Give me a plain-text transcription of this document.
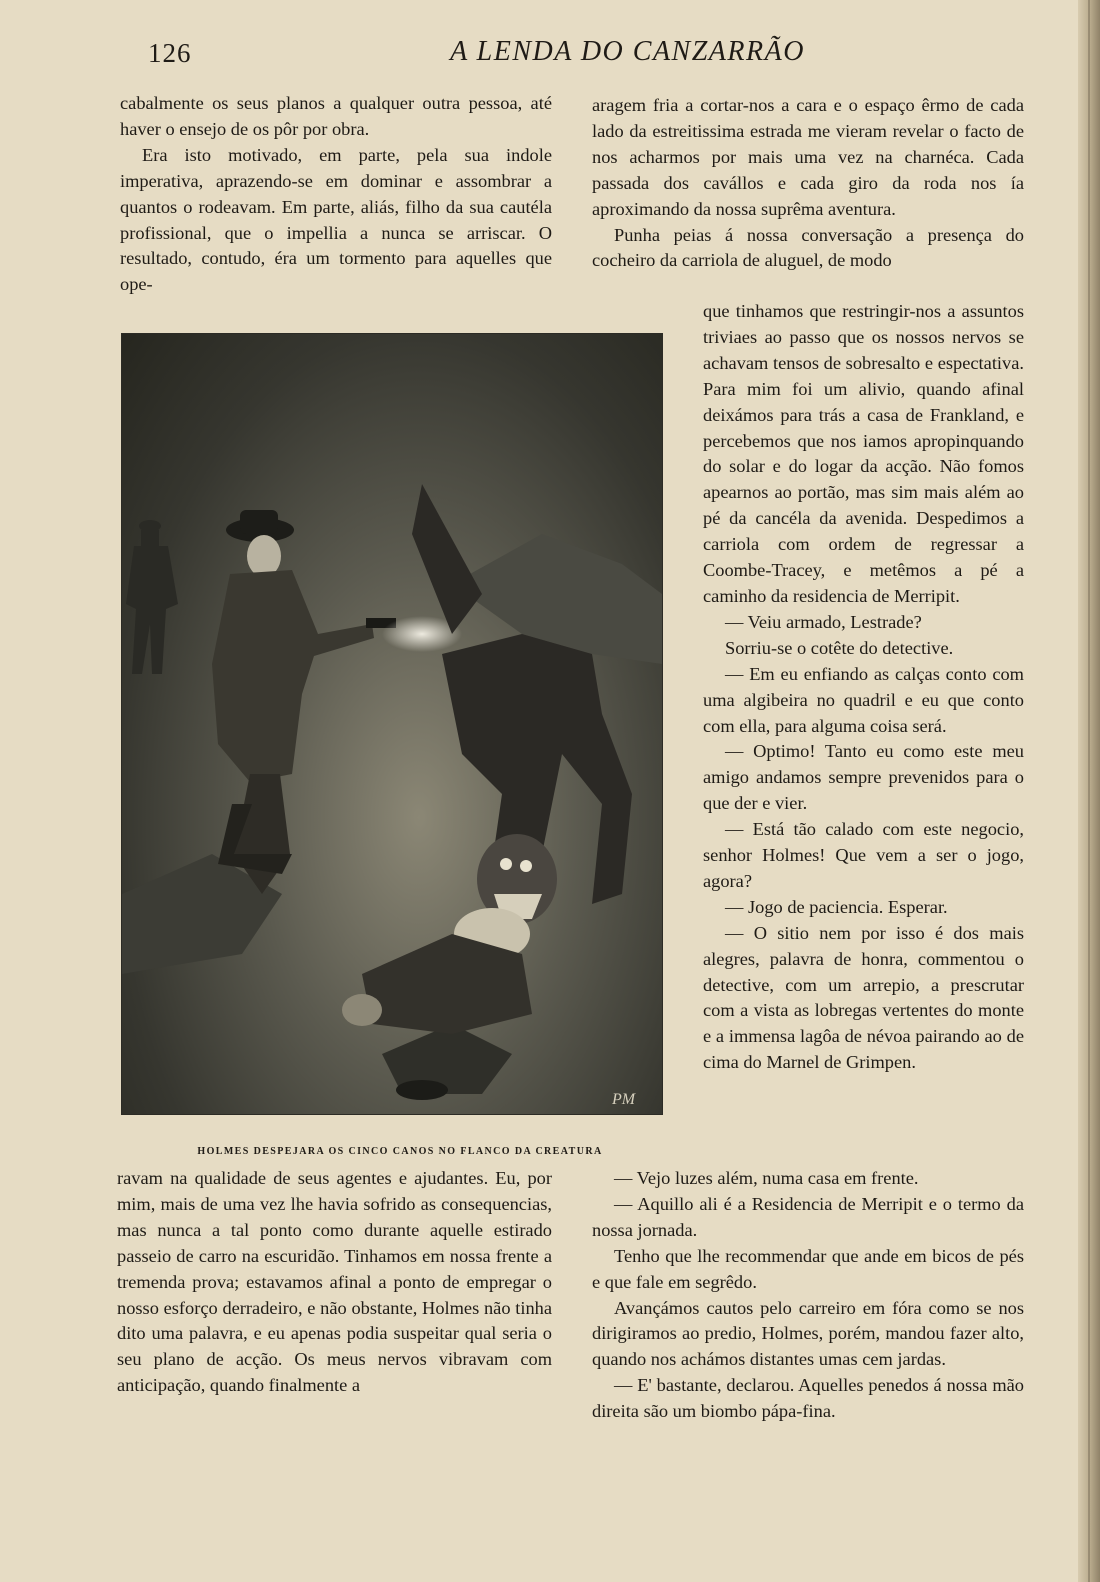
126	A LENDA DO CANZARRÃO

cabalmente os seus planos a qualquer outra pessoa, até haver o ensejo de os pôr por obra.

Era isto motivado, em parte, pela sua indole imperativa, aprazendo-se em dominar e assombrar a quantos o rodeavam. Em parte, aliás, filho da sua cautéla profissional, que o impellia a nunca se arriscar. O resultado, contudo, éra um tormento para aquelles que ope-

PM
HOLMES DESPEJARA OS CINCO CANOS NO FLANCO DA CREATURA

ravam na qualidade de seus agentes e ajudantes. Eu, por mim, mais de uma vez lhe havia sofrido as consequencias, mas nunca a tal ponto como durante aquelle estirado passeio de carro na escuridão. Tinhamos em nossa frente a tremenda prova; estavamos afinal a ponto de empregar o nosso esforço derradeiro, e não obstante, Holmes não tinha dito uma palavra, e eu apenas podia suspeitar qual seria o seu plano de acção. Os meus nervos vibravam com anticipação, quando finalmente a

aragem fria a cortar-nos a cara e o espaço êrmo de cada lado da estreitissima estrada me vieram revelar o facto de nos acharmos por mais uma vez na charnéca. Cada passada dos cavállos e cada giro da roda nos ía aproximando da nossa suprêma aventura.

Punha peias á nossa conversação a presença do cocheiro da carriola de aluguel, de modo

que tinhamos que restringir-nos a assuntos triviaes ao passo que os nossos nervos se achavam tensos de sobresalto e espectativa. Para mim foi um alivio, quando afinal deixámos para trás a casa de Frankland, e percebemos que nos iamos apropinquando do solar e do logar da acção. Não fomos apearnos ao portão, mas sim mais além ao pé da cancéla da avenida. Despedimos a carriola com ordem de regressar a Coombe-Tracey, e metêmos a pé a caminho da residencia de Merripit.

— Veiu armado, Lestrade?

Sorriu-se o cotête do detective.

— Em eu enfiando as calças conto com uma algibeira no quadril e eu que conto com ella, para alguma coisa será.

— Optimo! Tanto eu como este meu amigo andamos sempre prevenidos para o que der e vier.

— Está tão calado com este negocio, senhor Holmes! Que vem a ser o jogo, agora?

— Jogo de paciencia. Esperar.

— O sitio nem por isso é dos mais alegres, palavra de honra, commentou o detective, com um arrepio, a prescrutar com a vista as lobregas vertentes do monte e a immensa lagôa de névoa pairando ao de cima do Marnel de Grimpen.

— Vejo luzes além, numa casa em frente.

— Aquillo ali é a Residencia de Merripit e o termo da nossa jornada.

Tenho que lhe recommendar que ande em bicos de pés e que fale em segrêdo.

Avançámos cautos pelo carreiro em fóra como se nos dirigiramos ao predio, Holmes, porém, mandou fazer alto, quando nos achámos distantes umas cem jardas.

— E' bastante, declarou. Aquelles penedos á nossa mão direita são um biombo pápa-fina.
